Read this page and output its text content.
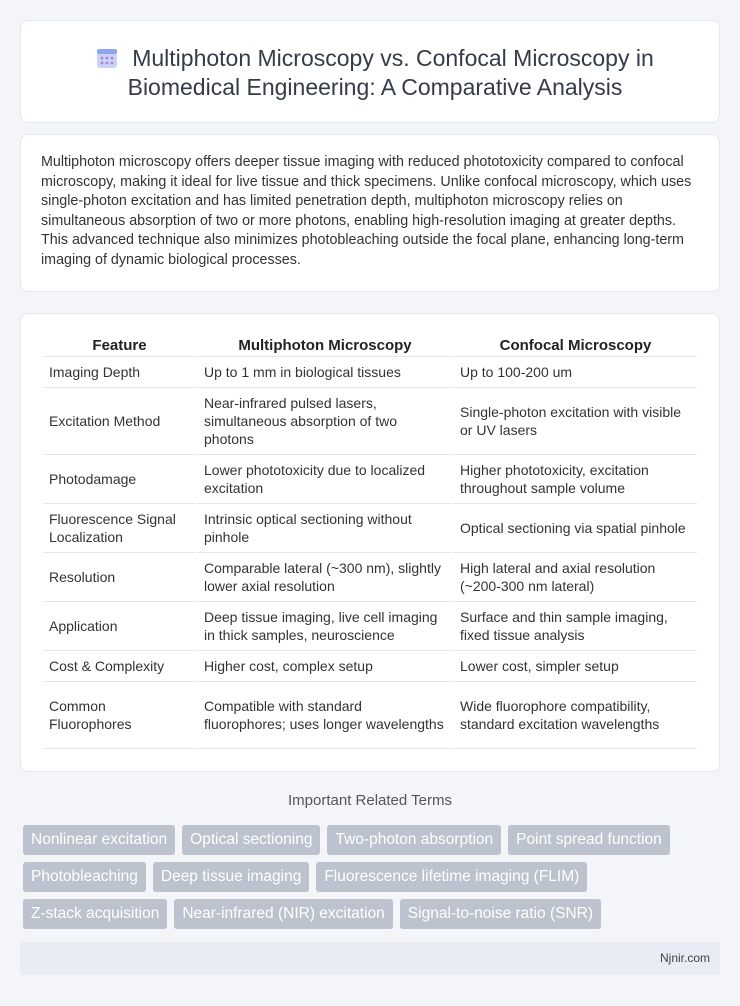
Multiphoton Microscopy vs. Confocal Microscopy in Biomedical Engineering: A Comparative Analysis

Multiphoton microscopy offers deeper tissue imaging with reduced phototoxicity compared to confocal microscopy, making it ideal for live tissue and thick specimens. Unlike confocal microscopy, which uses single-photon excitation and has limited penetration depth, multiphoton microscopy relies on simultaneous absorption of two or more photons, enabling high-resolution imaging at greater depths. This advanced technique also minimizes photobleaching outside the focal plane, enhancing long-term imaging of dynamic biological processes.

Feature	Multiphoton Microscopy	Confocal Microscopy
Imaging Depth	Up to 1 mm in biological tissues	Up to 100-200 um
Excitation Method	Near-infrared pulsed lasers, simultaneous absorption of two photons	Single-photon excitation with visible or UV lasers
Photodamage	Lower phototoxicity due to localized excitation	Higher phototoxicity, excitation throughout sample volume
Fluorescence Signal Localization	Intrinsic optical sectioning without pinhole	Optical sectioning via spatial pinhole
Resolution	Comparable lateral (~300 nm), slightly lower axial resolution	High lateral and axial resolution (~200-300 nm lateral)
Application	Deep tissue imaging, live cell imaging in thick samples, neuroscience	Surface and thin sample imaging, fixed tissue analysis
Cost & Complexity	Higher cost, complex setup	Lower cost, simpler setup
Common Fluorophores	Compatible with standard fluorophores; uses longer wavelengths	Wide fluorophore compatibility, standard excitation wavelengths
Important Related Terms
Nonlinear excitation	Optical sectioning	Two-photon absorption	Point spread function
Photobleaching	Deep tissue imaging	Fluorescence lifetime imaging (FLIM)
Z-stack acquisition	Near-infrared (NIR) excitation	Signal-to-noise ratio (SNR)
Njnir.com
